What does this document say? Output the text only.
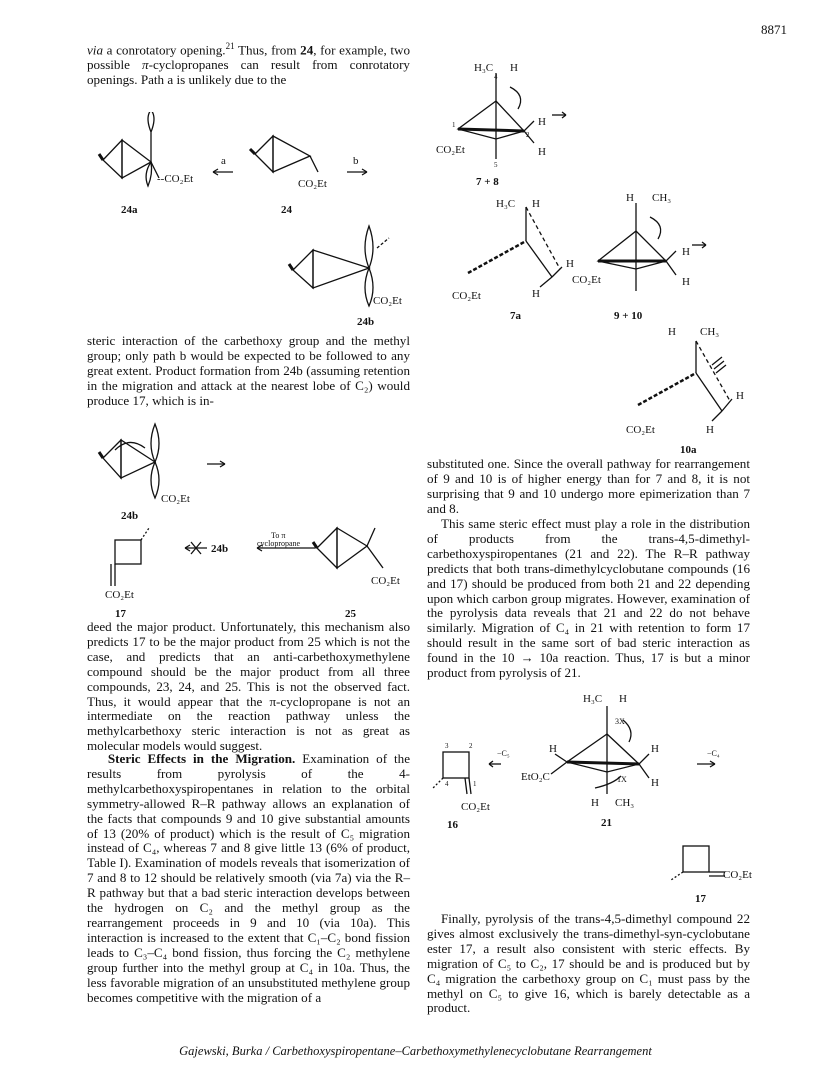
8871

via a conrotatory opening.$^{21}$ Thus, from 24, for example, two possible π-cyclopropanes can result from conrotatory openings. Path a is unlikely due to the

--CO₂Et	CO₂Et
a	b
24a	24
CO₂Et
24b

steric interaction of the carbethoxy group and the methyl group; only path b would be expected to be followed to any great extent. Product formation from 24b (assuming retention in the migration and attack at the nearest lobe of C₂) would produce 17, which is in-

CO₂Et
24b
24b
To π
cyclopropane
CO₂Et
17
CO₂Et
25

deed the major product. Unfortunately, this mechanism also predicts 17 to be the major product from 25 which is not the case, and predicts that an anti-carbethoxymethylene compound should be the major product from all three compounds, 23, 24, and 25. This is not the observed fact. Thus, it would appear that the π-cyclopropane is not an intermediate on the reaction pathway unless the methylcarbethoxy steric interaction is not as great as molecular models would suggest.

Steric Effects in the Migration. Examination of the results from pyrolysis of the 4-methylcarbethoxyspiropentanes in relation to the orbital symmetry-allowed R–R pathway allows an explanation of the facts that compounds 9 and 10 give substantial amounts of 13 (20% of product) which is the result of C₅ migration instead of C₄, whereas 7 and 8 give little 13 (6% of product, Table I). Examination of models reveals that isomerization of 7 and 8 to 12 should be relatively smooth (via 7a) via the R–R pathway but that a bad steric interaction develops between the hydrogen on C₂ and the methyl group as the rearrangement proceeds in 9 and 10 (via 10a). This interaction is increased to the extent that C₁–C₂ bond fission leads to C₃–C₄ bond fission, thus forcing the C₂ methylene group further into the methyl group at C₄ in 10a. Thus, the less favorable migration of an unsubstituted methylene group becomes competitive with the migration of a

H₃C H
4
H
H
1
2
5
CO₂Et
7 + 8
H₃C H
H
H
CO₂Et
7a
H CH₃
H
H
CO₂Et
9 + 10
H CH₃
H
H
CO₂Et
10a

substituted one. Since the overall pathway for rearrangement of 9 and 10 is of higher energy than for 7 and 8, it is not surprising that 9 and 10 undergo more epimerization than 7 and 8.

This same steric effect must play a role in the distribution of products from the trans-4,5-dimethyl-carbethoxyspiropentanes (21 and 22). The R–R pathway predicts that both trans-dimethylcyclobutane compounds (16 and 17) should be produced from both 21 and 22 depending upon which carbon group migrates. However, examination of the pyrolysis data reveals that 21 and 22 do not behave similarly. Migration of C₄ in 21 with retention to form 17 should result in the same sort of bad steric interaction as found in the 10 → 10a reaction. Thus, 17 is but a minor product from pyrolysis of 21.

3	2
4	1
CO₂Et
16
−C₅
H₃C H
3X
H
EtO₂C
H
H
1X
H CH₃
21
−C₄
CO₂Et
17

Finally, pyrolysis of the trans-4,5-dimethyl compound 22 gives almost exclusively the trans-dimethyl-syn-cyclobutane ester 17, a result also consistent with steric effects. By migration of C₅ to C₂, 17 should be and is produced but by C₄ migration the carbethoxy group on C₁ must pass by the methyl on C₅ to give 16, which is barely detectable as a product.

Gajewski, Burka / Carbethoxyspiropentane–Carbethoxymethylenecyclobutane Rearrangement
